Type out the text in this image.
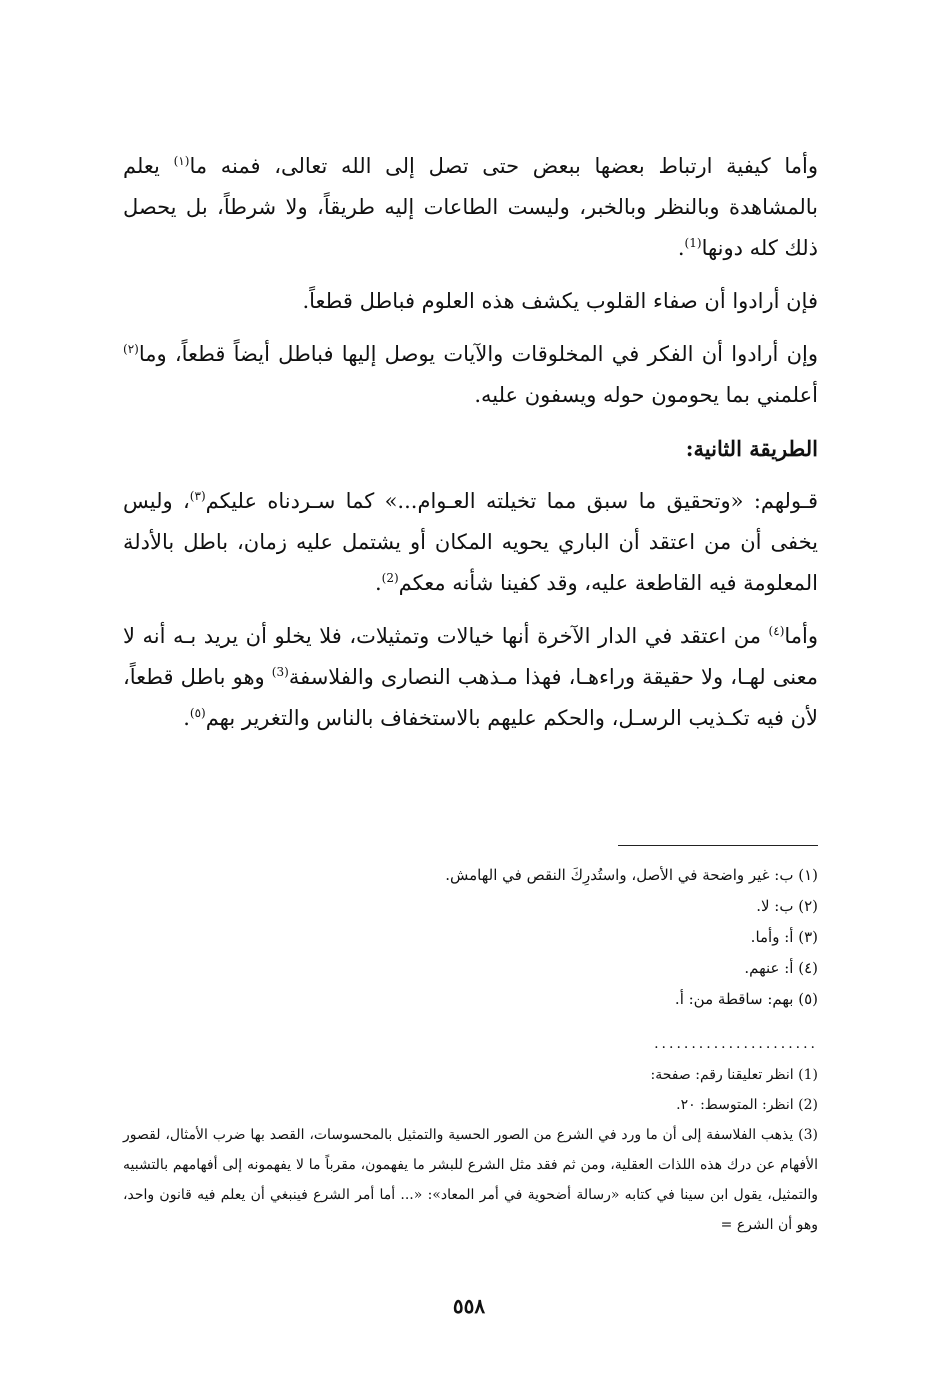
وأما كيفية ارتباط بعضها ببعض حتى تصل إلى الله تعالى، فمنه ما$^{(١)}$ يعلم بالمشاهدة وبالنظر وبالخبر، وليست الطاعات إليه طريقاً، ولا شرطاً، بل يحصل ذلك كله دونها$^{(1)}$.

فإن أرادوا أن صفاء القلوب يكشف هذه العلوم فباطل قطعاً.

وإن أرادوا أن الفكر في المخلوقات والآيات يوصل إليها فباطل أيضاً قطعاً، وما$^{(٢)}$ أعلمني بما يحومون حوله ويسفون عليه.

الطريقة الثانية:

قـولهم: «وتحقيق ما سبق مما تخيلته العـوام...» كما سـردناه عليكم$^{(٣)}$، وليس يخفى أن من اعتقد أن الباري يحويه المكان أو يشتمل عليه زمان، باطل بالأدلة المعلومة فيه القاطعة عليه، وقد كفينا شأنه معكم$^{(2)}$.

وأما$^{(٤)}$ من اعتقد في الدار الآخرة أنها خيالات وتمثيلات، فلا يخلو أن يريد بـه أنه لا معنى لهـا، ولا حقيقة وراءهـا، فهذا مـذهب النصارى والفلاسفة$^{(3)}$ وهو باطل قطعاً، لأن فيه تكـذيب الرسـل، والحكم عليهم بالاستخفاف بالناس والتغرير بهم$^{(٥)}$.

(١) ب: غير واضحة في الأصل، واستُدرِكَ النقص في الهامش.
(٢) ب: لا.
(٣) أ: وأما.
(٤) أ: عنهم.
(٥) بهم: ساقطة من: أ.
......................
(1) انظر تعليقنا رقم: صفحة:
(2) انظر: المتوسط: ٢٠.
(3) يذهب الفلاسفة إلى أن ما ورد في الشرع من الصور الحسية والتمثيل بالمحسوسات، القصد بها ضرب الأمثال، لقصور الأفهام عن درك هذه اللذات العقلية، ومن ثم فقد مثل الشرع للبشر ما يفهمون، مقرباً ما لا يفهمونه إلى أفهامهم بالتشبيه والتمثيل، يقول ابن سينا في كتابه «رسالة أضحوية في أمر المعاد»: «... أما أمر الشرع فينبغي أن يعلم فيه قانون واحد، وهو أن الشرع =
٥٥٨
